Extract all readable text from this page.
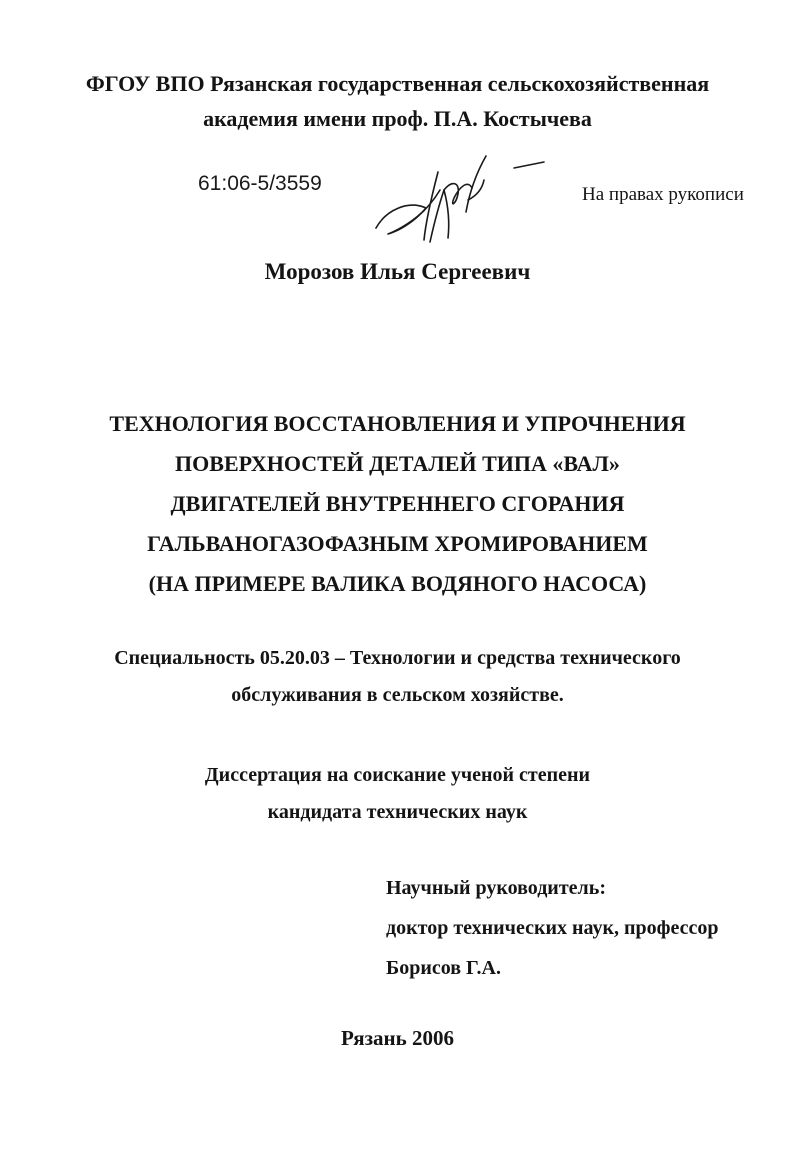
ФГОУ ВПО Рязанская государственная сельскохозяйственная
академия имени проф. П.А. Костычева
61:06-5/3559	На правах рукописи
Морозов Илья Сергеевич
ТЕХНОЛОГИЯ ВОССТАНОВЛЕНИЯ И УПРОЧНЕНИЯ
ПОВЕРХНОСТЕЙ ДЕТАЛЕЙ ТИПА «ВАЛ»
ДВИГАТЕЛЕЙ ВНУТРЕННЕГО СГОРАНИЯ
ГАЛЬВАНОГАЗОФАЗНЫМ ХРОМИРОВАНИЕМ
(НА ПРИМЕРЕ ВАЛИКА ВОДЯНОГО НАСОСА)
Специальность 05.20.03 – Технологии и средства технического
обслуживания в сельском хозяйстве.
Диссертация на соискание ученой степени
кандидата технических наук
Научный руководитель:
доктор технических наук, профессор
Борисов Г.А.
Рязань 2006
